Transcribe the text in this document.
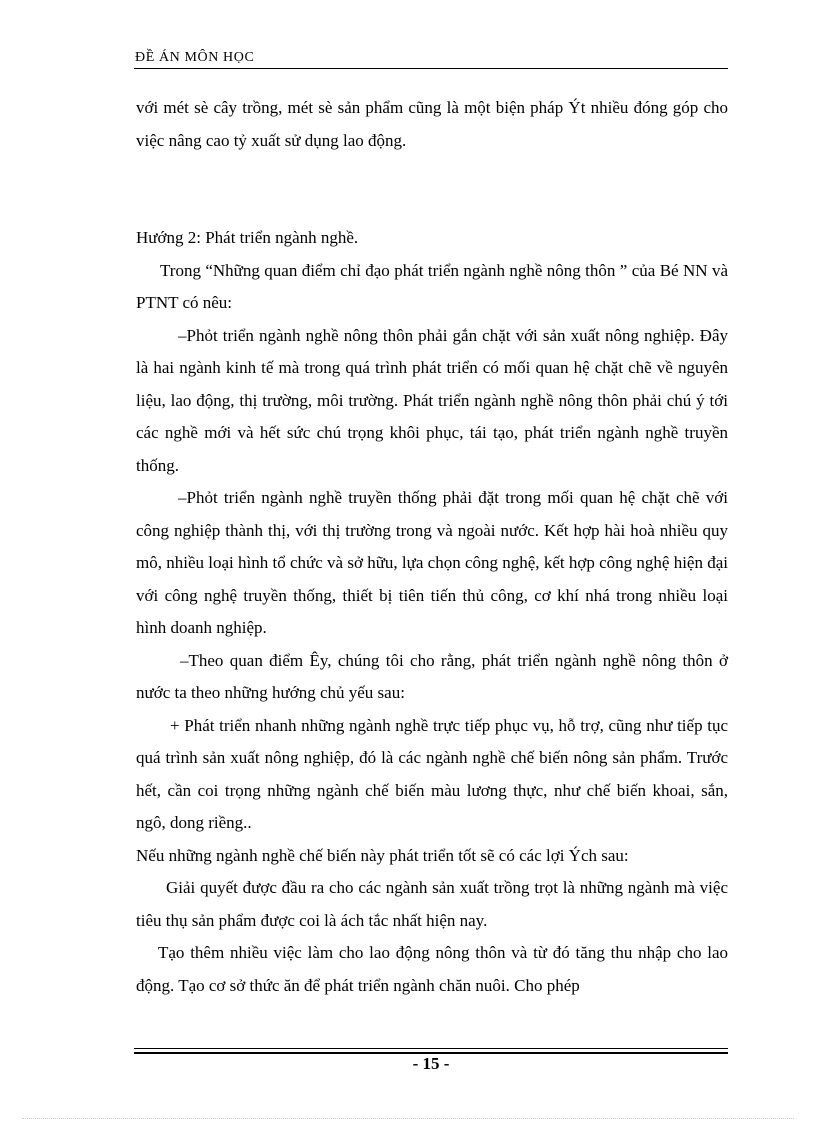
ĐỀ ÁN MÔN HỌC

với mét sè cây trồng, mét sè sản phẩm cũng là một biện pháp Ýt nhiều đóng góp cho việc nâng cao tỷ xuất sử dụng lao động.

Hướng 2: Phát triển ngành nghề.

Trong “Những quan điểm chỉ đạo phát triển ngành nghề nông thôn ” của Bé NN và PTNT có nêu:

–Phỏt triển ngành nghề nông thôn phải gắn chặt với sản xuất nông nghiệp. Đây là hai ngành kinh tế mà trong quá trình phát triển có mối quan hệ chặt chẽ về nguyên liệu, lao động, thị trường, môi trường. Phát triển ngành nghề nông thôn phải chú ý tới các nghề mới và hết sức chú trọng khôi phục, tái tạo, phát triển ngành nghề truyền thống.

–Phỏt triển ngành nghề truyền thống phải đặt trong mối quan hệ chặt chẽ với công nghiệp thành thị, với thị trường trong và ngoài nước. Kết hợp hài hoà nhiều quy mô, nhiều loại hình tổ chức và sở hữu, lựa chọn công nghệ, kết hợp công nghệ hiện đại với công nghệ truyền thống, thiết bị tiên tiến thủ công, cơ khí nhá trong nhiều loại hình doanh nghiệp.

–Theo quan điểm Êy, chúng tôi cho rằng, phát triển ngành nghề nông thôn ở nước ta theo những hướng chủ yếu sau:

+ Phát triển nhanh những ngành nghề trực tiếp phục vụ, hỗ trợ, cũng như tiếp tục quá trình sản xuất nông nghiệp, đó là các ngành nghề chế biến nông sản phẩm. Trước hết, cần coi trọng những ngành chế biến màu lương thực, như chế biến khoai, sắn, ngô, dong riềng..

Nếu những ngành nghề chế biến này phát triển tốt sẽ có các lợi Ých sau:

Giải quyết được đầu ra cho các ngành sản xuất trồng trọt là những ngành mà việc tiêu thụ sản phẩm được coi là ách tắc nhất hiện nay.

Tạo thêm nhiều việc làm cho lao động nông thôn và từ đó tăng thu nhập cho lao động. Tạo cơ sở thức ăn để phát triển ngành chăn nuôi. Cho phép

- 15 -
